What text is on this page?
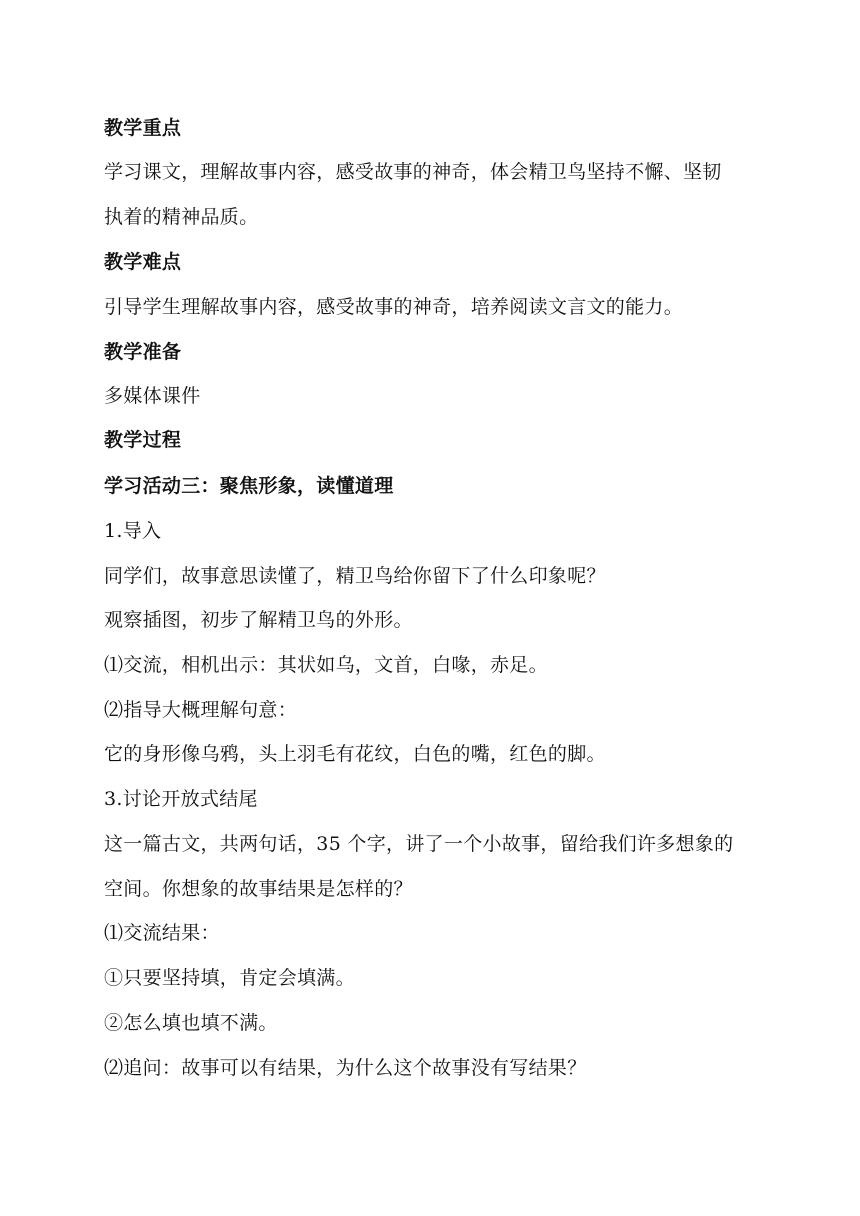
教学重点
学习课文，理解故事内容，感受故事的神奇，体会精卫鸟坚持不懈、坚韧
执着的精神品质。
教学难点
引导学生理解故事内容，感受故事的神奇，培养阅读文言文的能力。
教学准备
多媒体课件
教学过程
学习活动三：聚焦形象，读懂道理
1.导入
同学们，故事意思读懂了，精卫鸟给你留下了什么印象呢？
观察插图，初步了解精卫鸟的外形。
⑴交流，相机出示：其状如乌，文首，白喙，赤足。
⑵指导大概理解句意：
它的身形像乌鸦，头上羽毛有花纹，白色的嘴，红色的脚。
3.讨论开放式结尾
这一篇古文，共两句话，35 个字，讲了一个小故事，留给我们许多想象的
空间。你想象的故事结果是怎样的？
⑴交流结果：
①只要坚持填，肯定会填满。
②怎么填也填不满。
⑵追问：故事可以有结果，为什么这个故事没有写结果？
